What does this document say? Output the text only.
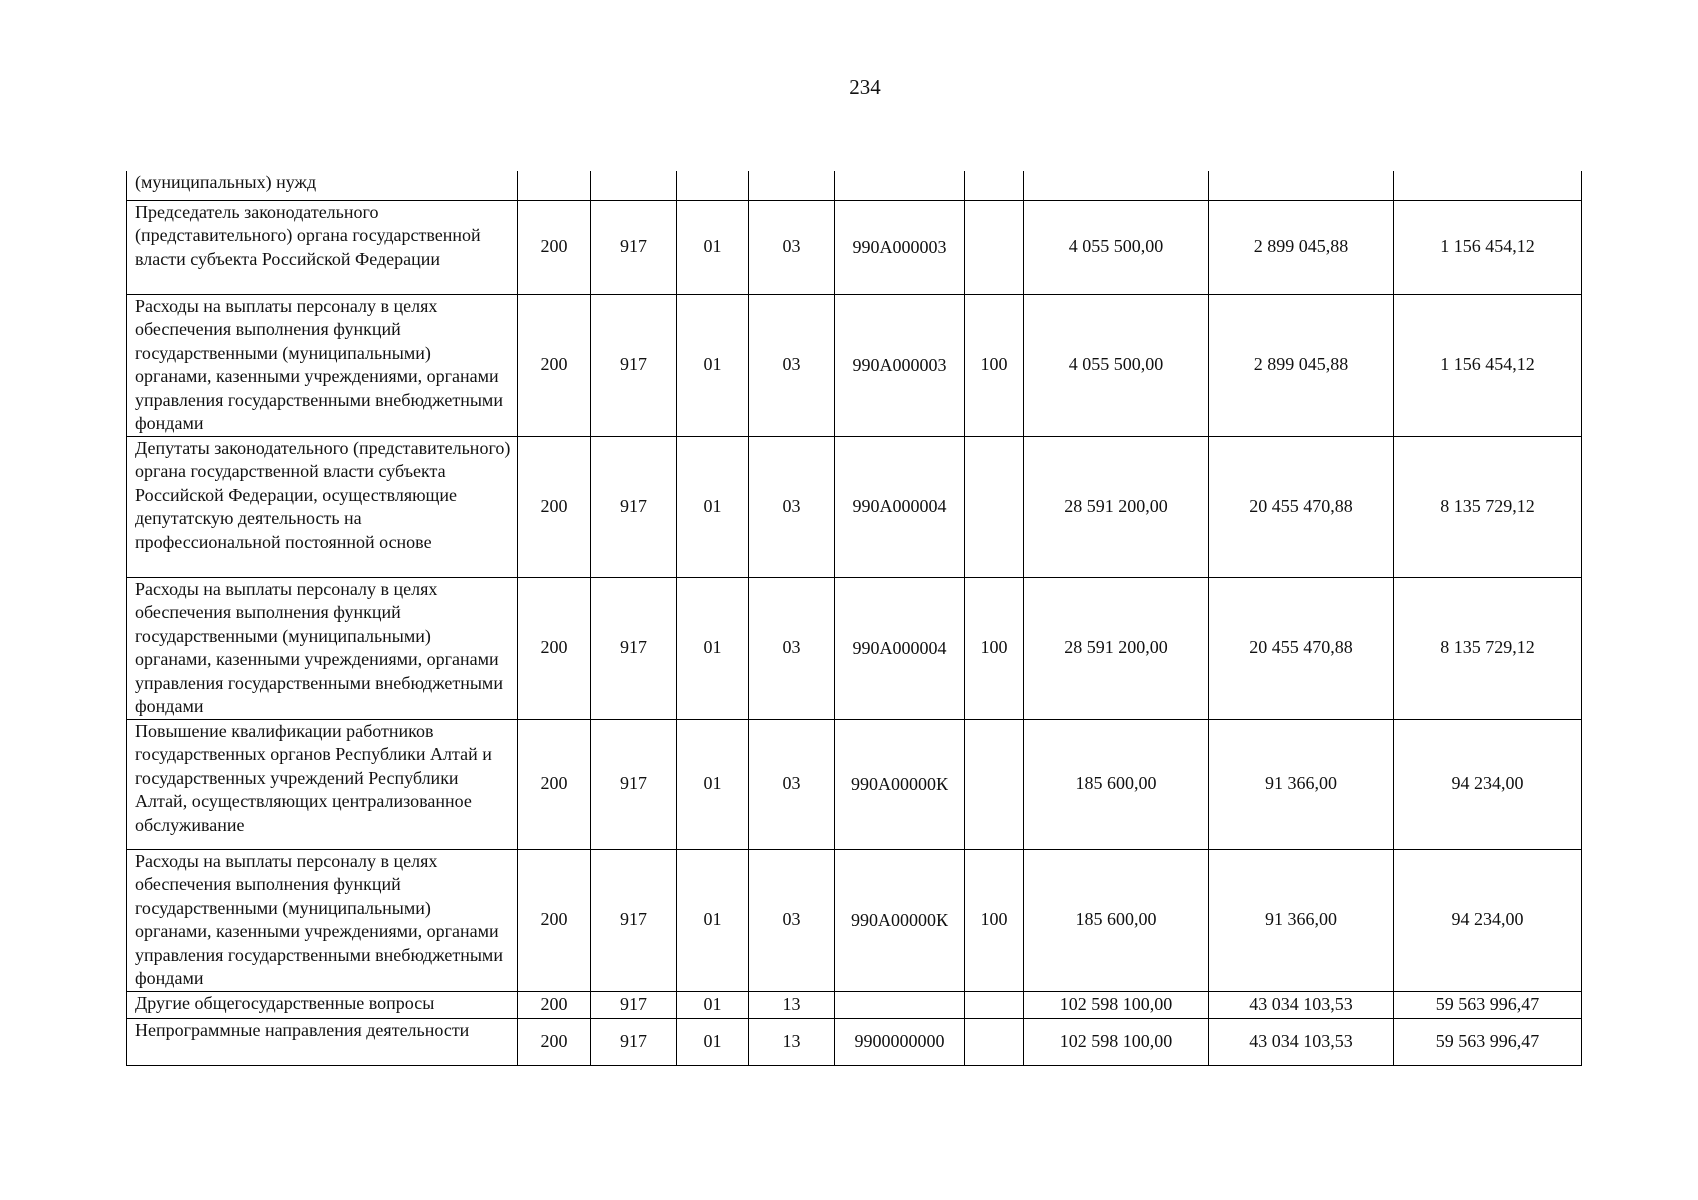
234
(муниципальных) нужд									
Председатель законодательного (представительного) органа государственной власти субъекта Российской Федерации	200	917	01	03	990А000003		4 055 500,00	2 899 045,88	1 156 454,12
Расходы на выплаты персоналу в целях обеспечения выполнения функций государственными (муниципальными) органами, казенными учреждениями, органами управления государственными внебюджетными фондами	200	917	01	03	990А000003	100	4 055 500,00	2 899 045,88	1 156 454,12
Депутаты законодательного (представительного) органа государственной власти субъекта Российской Федерации, осуществляющие депутатскую деятельность на профессиональной постоянной основе	200	917	01	03	990А000004		28 591 200,00	20 455 470,88	8 135 729,12
Расходы на выплаты персоналу в целях обеспечения выполнения функций государственными (муниципальными) органами, казенными учреждениями, органами управления государственными внебюджетными фондами	200	917	01	03	990А000004	100	28 591 200,00	20 455 470,88	8 135 729,12
Повышение квалификации работников государственных органов Республики Алтай и государственных учреждений Республики Алтай, осуществляющих централизованное обслуживание	200	917	01	03	990А00000К		185 600,00	91 366,00	94 234,00
Расходы на выплаты персоналу в целях обеспечения выполнения функций государственными (муниципальными) органами, казенными учреждениями, органами управления государственными внебюджетными фондами	200	917	01	03	990А00000К	100	185 600,00	91 366,00	94 234,00
Другие общегосударственные вопросы	200	917	01	13			102 598 100,00	43 034 103,53	59 563 996,47
Непрограммные направления деятельности	200	917	01	13	9900000000		102 598 100,00	43 034 103,53	59 563 996,47
